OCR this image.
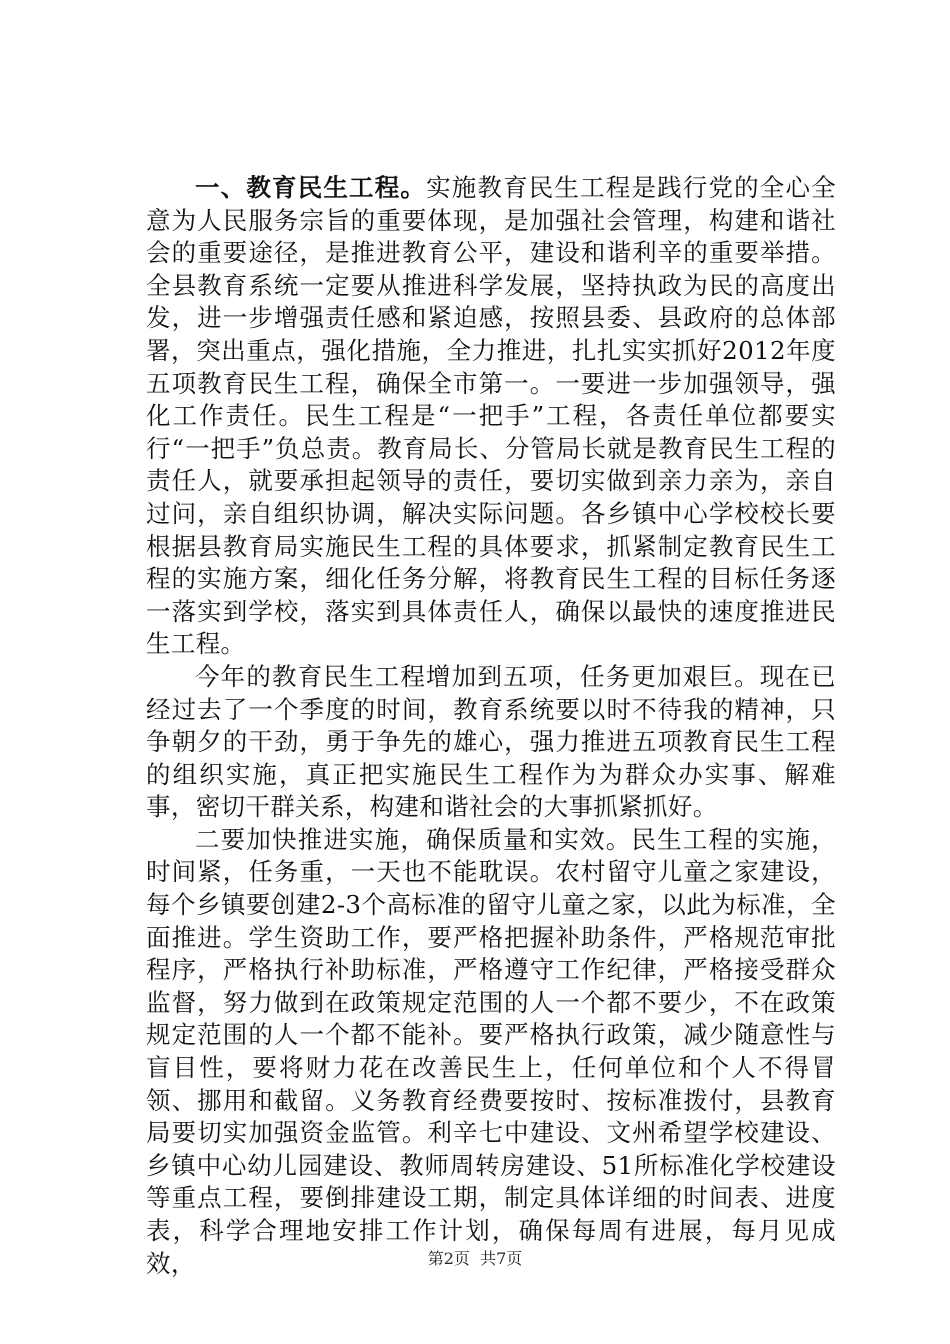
一、教育民生工程。实施教育民生工程是践行党的全心全意为人民服务宗旨的重要体现，是加强社会管理，构建和谐社会的重要途径，是推进教育公平，建设和谐利辛的重要举措。全县教育系统一定要从推进科学发展，坚持执政为民的高度出发，进一步增强责任感和紧迫感，按照县委、县政府的总体部署，突出重点，强化措施，全力推进，扎扎实实抓好2012年度五项教育民生工程，确保全市第一。一要进一步加强领导，强化工作责任。民生工程是“一把手”工程，各责任单位都要实行“一把手”负总责。教育局长、分管局长就是教育民生工程的责任人，就要承担起领导的责任，要切实做到亲力亲为，亲自过问，亲自组织协调，解决实际问题。各乡镇中心学校校长要根据县教育局实施民生工程的具体要求，抓紧制定教育民生工程的实施方案，细化任务分解，将教育民生工程的目标任务逐一落实到学校，落实到具体责任人，确保以最快的速度推进民生工程。

今年的教育民生工程增加到五项，任务更加艰巨。现在已经过去了一个季度的时间，教育系统要以时不待我的精神，只争朝夕的干劲，勇于争先的雄心，强力推进五项教育民生工程的组织实施，真正把实施民生工程作为为群众办实事、解难事，密切干群关系，构建和谐社会的大事抓紧抓好。

二要加快推进实施，确保质量和实效。民生工程的实施，时间紧，任务重，一天也不能耽误。农村留守儿童之家建设，每个乡镇要创建2-3个高标准的留守儿童之家，以此为标准，全面推进。学生资助工作，要严格把握补助条件，严格规范审批程序，严格执行补助标准，严格遵守工作纪律，严格接受群众监督，努力做到在政策规定范围的人一个都不要少，不在政策规定范围的人一个都不能补。要严格执行政策，减少随意性与盲目性，要将财力花在改善民生上，任何单位和个人不得冒领、挪用和截留。义务教育经费要按时、按标准拨付，县教育局要切实加强资金监管。利辛七中建设、文州希望学校建设、乡镇中心幼儿园建设、教师周转房建设、51所标准化学校建设等重点工程，要倒排建设工期，制定具体详细的时间表、进度表，科学合理地安排工作计划，确保每周有进展，每月见成效，	第2页 共7页
